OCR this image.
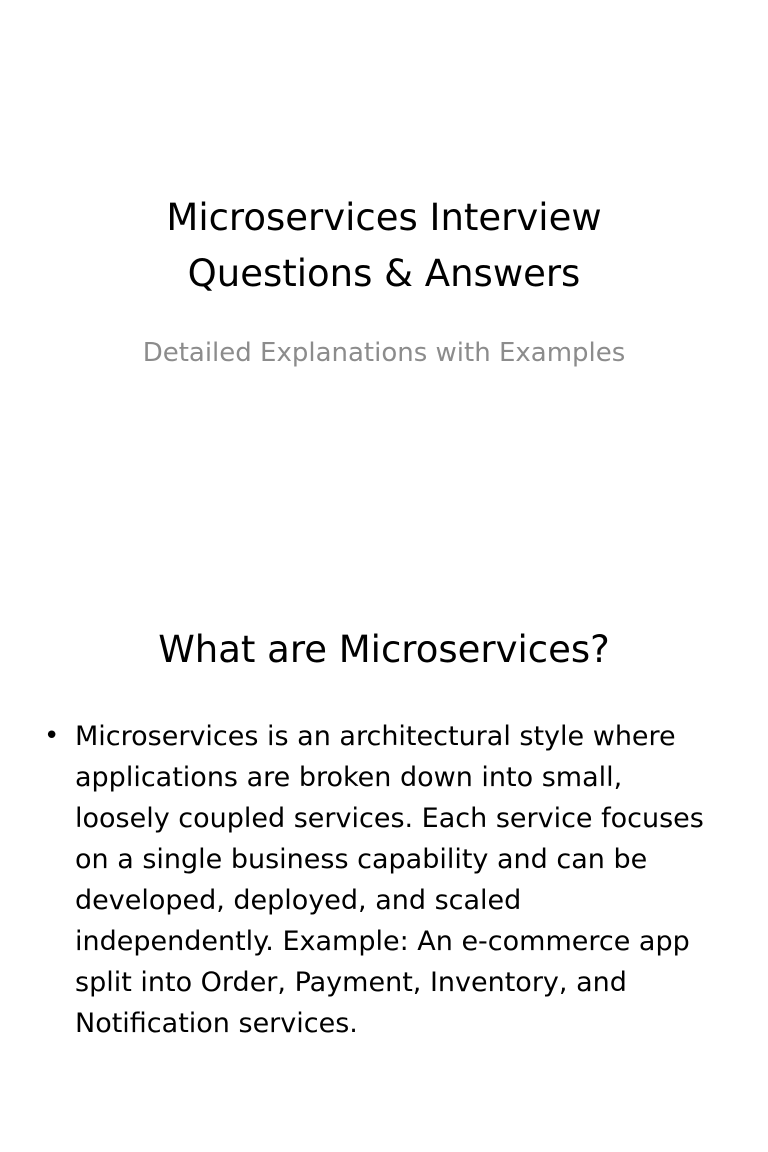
Microservices Interview
Questions & Answers
Detailed Explanations with Examples
What are Microservices?
• Microservices is an architectural style where
applications are broken down into small,
loosely coupled services. Each service focuses
on a single business capability and can be
developed, deployed, and scaled
independently. Example: An e-commerce app
split into Order, Payment, Inventory, and
Notification services.
